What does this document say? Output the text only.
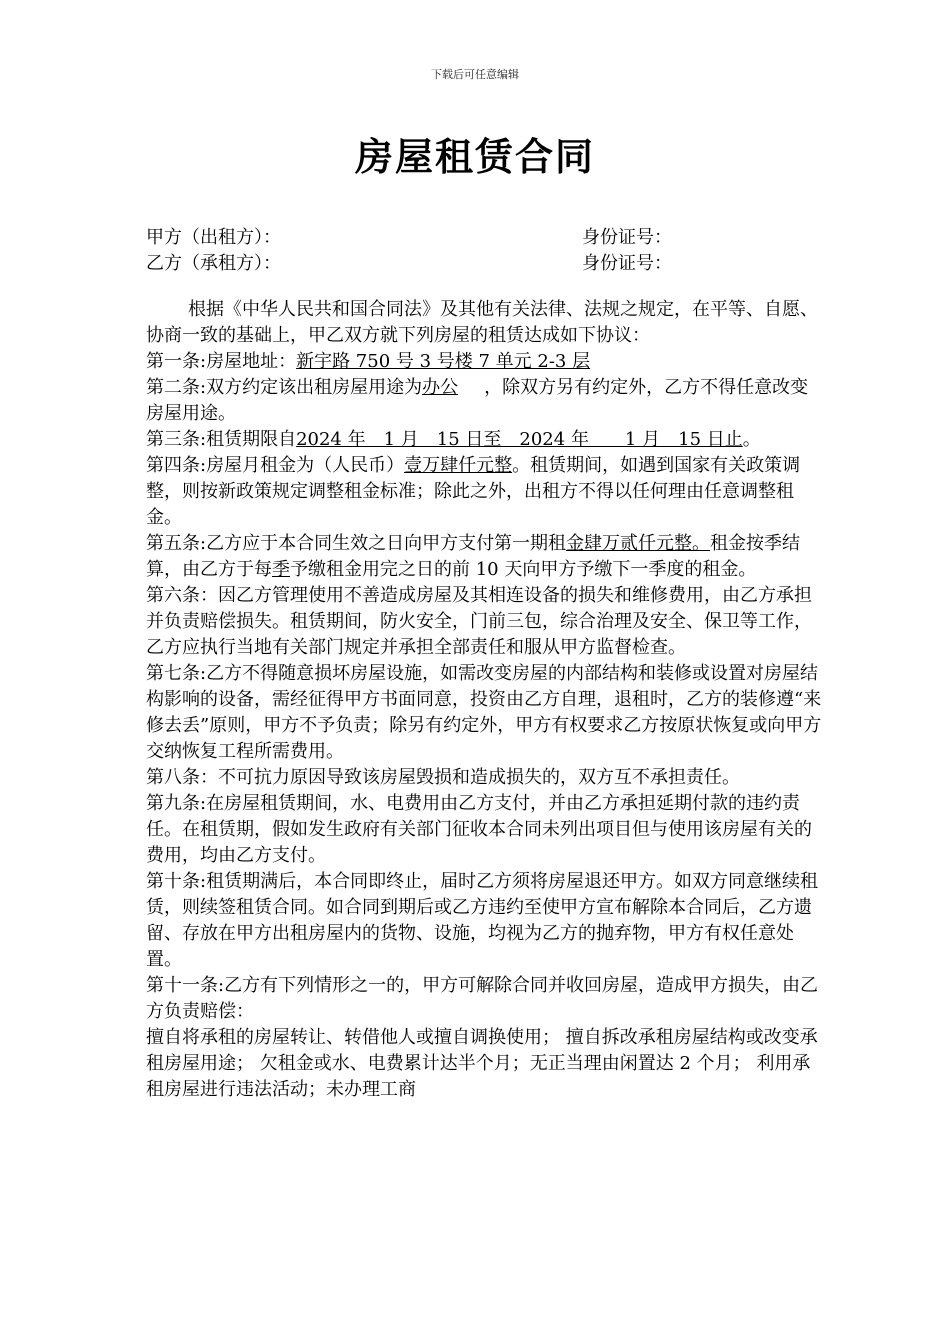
下载后可任意编辑
房屋租赁合同
甲方（出租方）：	身份证号：
乙方（承租方）：	身份证号：

根据《中华人民共和国合同法》及其他有关法律、法规之规定，在平等、自愿、协商一致的基础上，甲乙双方就下列房屋的租赁达成如下协议：

第一条:房屋地址：新宇路 750 号 3 号楼 7 单元 2-3 层

第二条:双方约定该出租房屋用途为办公 ，除双方另有约定外，乙方不得任意改变房屋用途。

第三条:租赁期限自2024 年　1 月　15 日至　2024 年　　1 月　15 日止。

第四条:房屋月租金为（人民币）壹万肆仟元整。租赁期间，如遇到国家有关政策调整，则按新政策规定调整租金标准；除此之外，出租方不得以任何理由任意调整租金。

第五条:乙方应于本合同生效之日向甲方支付第一期租金肆万贰仟元整。租金按季结算，由乙方于每季予缴租金用完之日的前 10 天向甲方予缴下一季度的租金。

第六条：因乙方管理使用不善造成房屋及其相连设备的损失和维修费用，由乙方承担并负责赔偿损失。租赁期间，防火安全，门前三包，综合治理及安全、保卫等工作，乙方应执行当地有关部门规定并承担全部责任和服从甲方监督检查。

第七条:乙方不得随意损坏房屋设施，如需改变房屋的内部结构和装修或设置对房屋结构影响的设备，需经征得甲方书面同意，投资由乙方自理，退租时，乙方的装修遵“来修去丢”原则，甲方不予负责；除另有约定外，甲方有权要求乙方按原状恢复或向甲方交纳恢复工程所需费用。

第八条：不可抗力原因导致该房屋毁损和造成损失的，双方互不承担责任。

第九条:在房屋租赁期间，水、电费用由乙方支付，并由乙方承担延期付款的违约责任。在租赁期，假如发生政府有关部门征收本合同未列出项目但与使用该房屋有关的费用，均由乙方支付。

第十条:租赁期满后，本合同即终止，届时乙方须将房屋退还甲方。如双方同意继续租赁，则续签租赁合同。如合同到期后或乙方违约至使甲方宣布解除本合同后，乙方遗留、存放在甲方出租房屋内的货物、设施，均视为乙方的抛弃物，甲方有权任意处置。

第十一条:乙方有下列情形之一的，甲方可解除合同并收回房屋，造成甲方损失，由乙方负责赔偿：

擅自将承租的房屋转让、转借他人或擅自调换使用； 擅自拆改承租房屋结构或改变承租房屋用途； 欠租金或水、电费累计达半个月；无正当理由闲置达 2 个月； 利用承租房屋进行违法活动；未办理工商
